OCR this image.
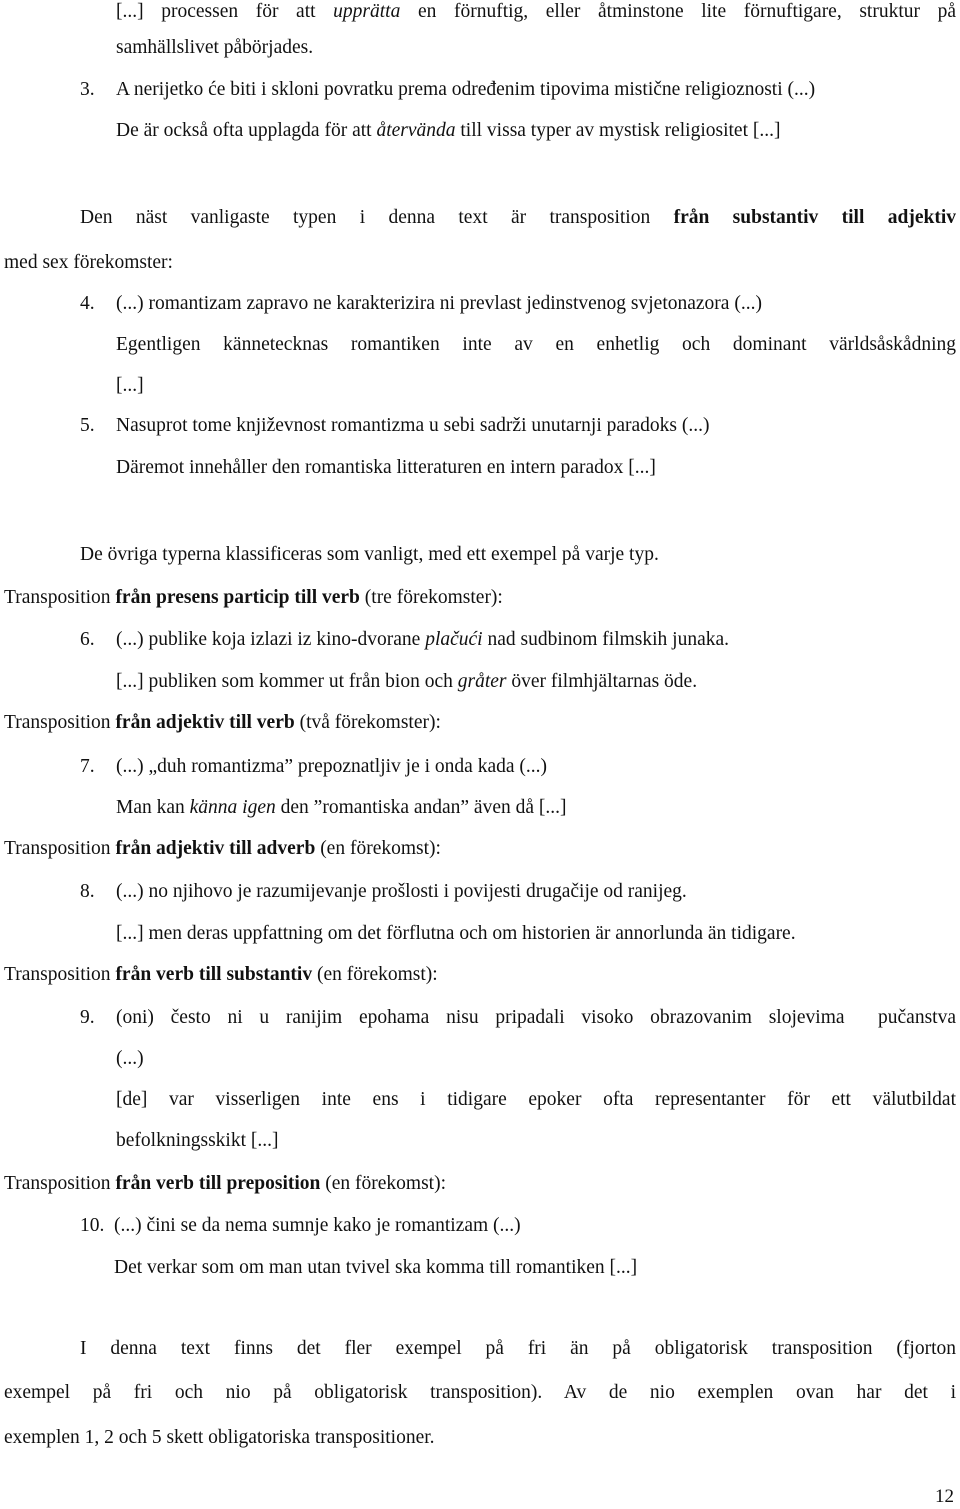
[...] processen för att upprätta en förnuftig, eller åtminstone lite förnuftigare, struktur på
samhällslivet påbörjades.
3. A nerijetko će biti i skloni povratku prema određenim tipovima mistične religioznosti (...)
De är också ofta upplagda för att återvända till vissa typer av mystisk religiositet [...]
Den näst vanligaste typen i denna text är transposition från substantiv till adjektiv
med sex förekomster:
4. (...) romantizam zapravo ne karakterizira ni prevlast jedinstvenog svjetonazora (...)
Egentligen kännetecknas romantiken inte av en enhetlig och dominant världsåskådning
[...]
5. Nasuprot tome književnost romantizma u sebi sadrži unutarnji paradoks (...)
Däremot innehåller den romantiska litteraturen en intern paradox [...]
De övriga typerna klassificeras som vanligt, med ett exempel på varje typ.
Transposition från presens particip till verb (tre förekomster):
6. (...) publike koja izlazi iz kino-dvorane plačući nad sudbinom filmskih junaka.
[...] publiken som kommer ut från bion och gråter över filmhjältarnas öde.
Transposition från adjektiv till verb (två förekomster):
7. (...) „duh romantizma” prepoznatljiv je i onda kada (...)
Man kan känna igen den ”romantiska andan” även då [...]
Transposition från adjektiv till adverb (en förekomst):
8. (...) no njihovo je razumijevanje prošlosti i povijesti drugačije od ranijeg.
[...] men deras uppfattning om det förflutna och om historien är annorlunda än tidigare.
Transposition från verb till substantiv (en förekomst):
9. (oni) često ni u ranijim epohama nisu pripadali visoko obrazovanim slojevima  pučanstva
(...)
[de] var visserligen inte ens i tidigare epoker ofta representanter för ett välutbildat
befolkningsskikt [...]
Transposition från verb till preposition (en förekomst):
10. (...) čini se da nema sumnje kako je romantizam (...)
Det verkar som om man utan tvivel ska komma till romantiken [...]
I denna text finns det fler exempel på fri än på obligatorisk transposition (fjorton
exempel på fri och nio på obligatorisk transposition). Av de nio exemplen ovan har det i
exemplen 1, 2 och 5 skett obligatoriska transpositioner.
12
